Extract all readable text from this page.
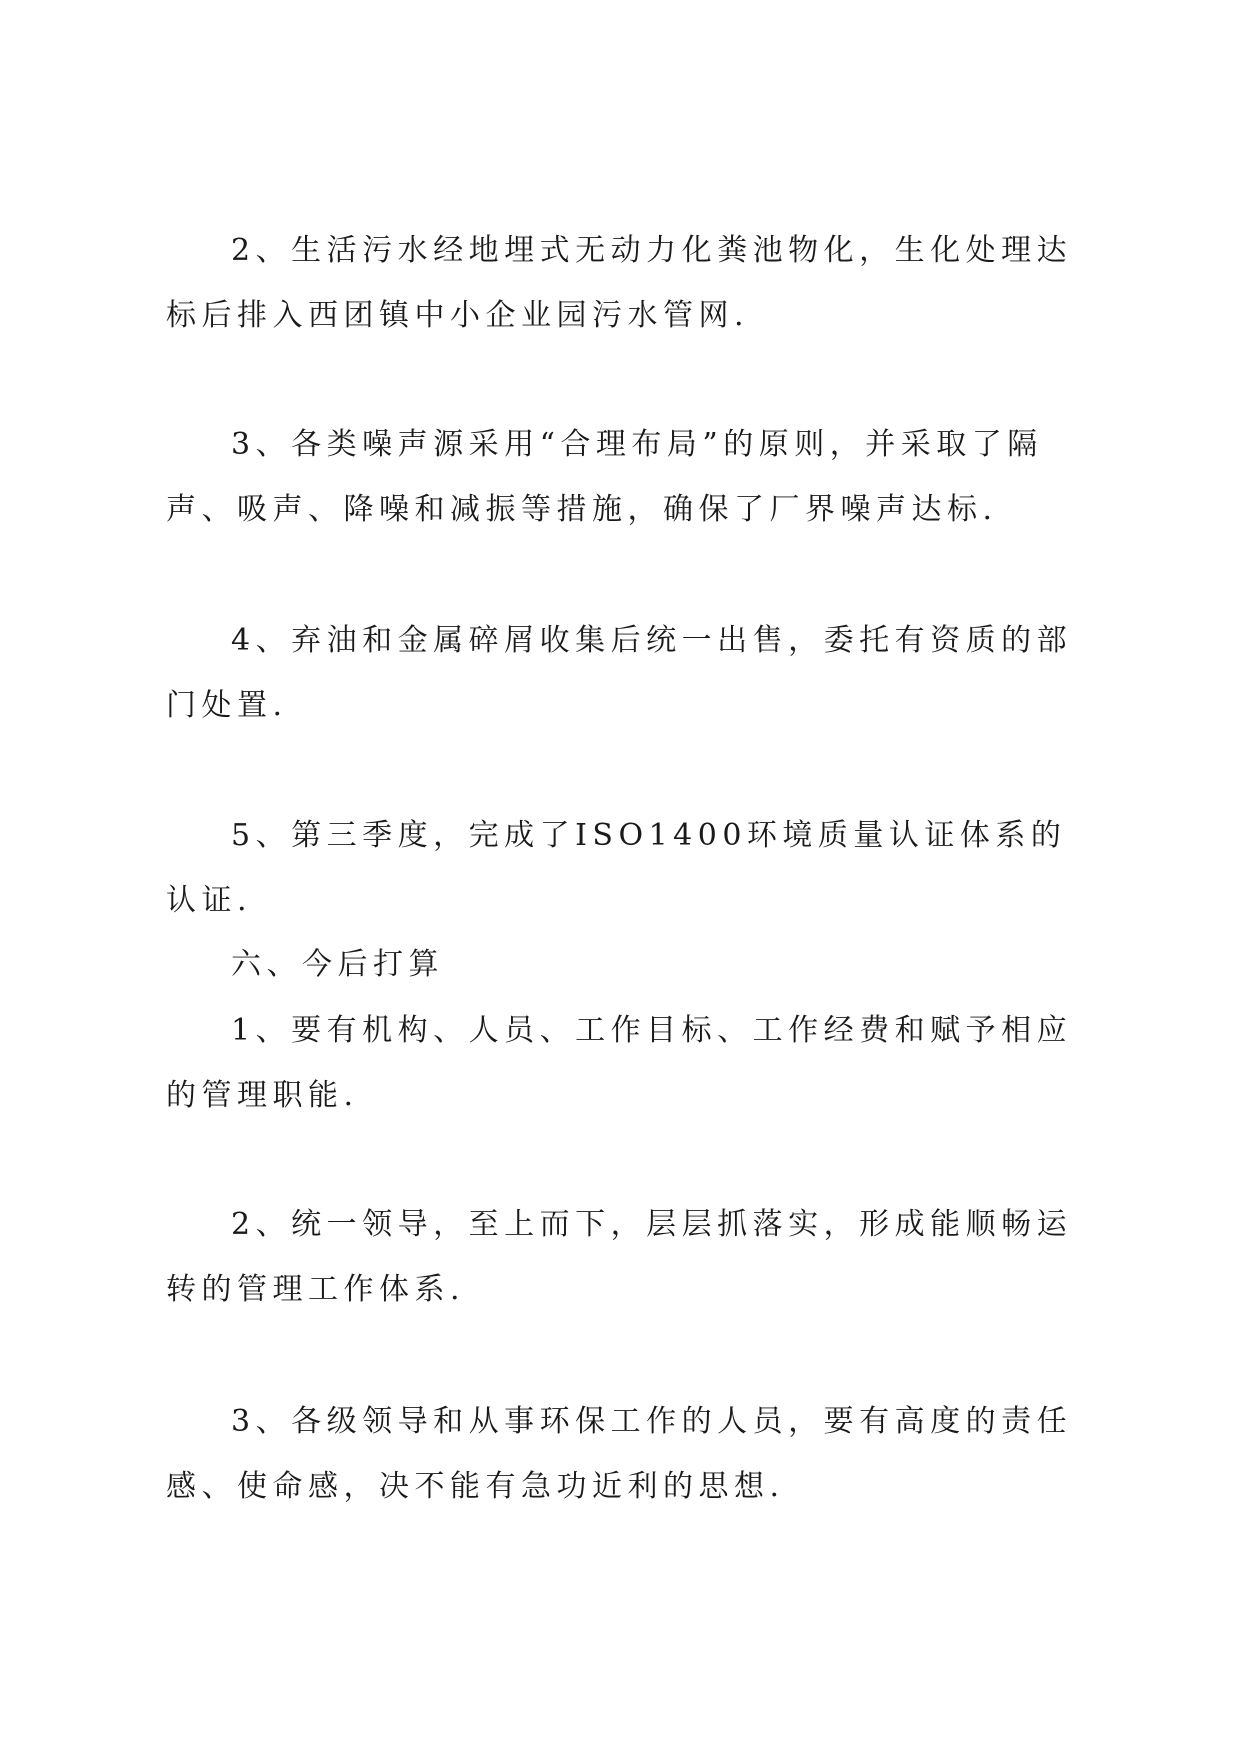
2、生活污水经地埋式无动力化粪池物化，生化处理达标后排入西团镇中小企业园污水管网.

3、各类噪声源采用“合理布局”的原则，并采取了隔声、吸声、降噪和减振等措施，确保了厂界噪声达标.

4、弃油和金属碎屑收集后统一出售，委托有资质的部门处置.

5、第三季度，完成了ISO1400环境质量认证体系的认证.

六、今后打算

1、要有机构、人员、工作目标、工作经费和赋予相应的管理职能.

2、统一领导，至上而下，层层抓落实，形成能顺畅运转的管理工作体系.

3、各级领导和从事环保工作的人员，要有高度的责任感、使命感，决不能有急功近利的思想.
